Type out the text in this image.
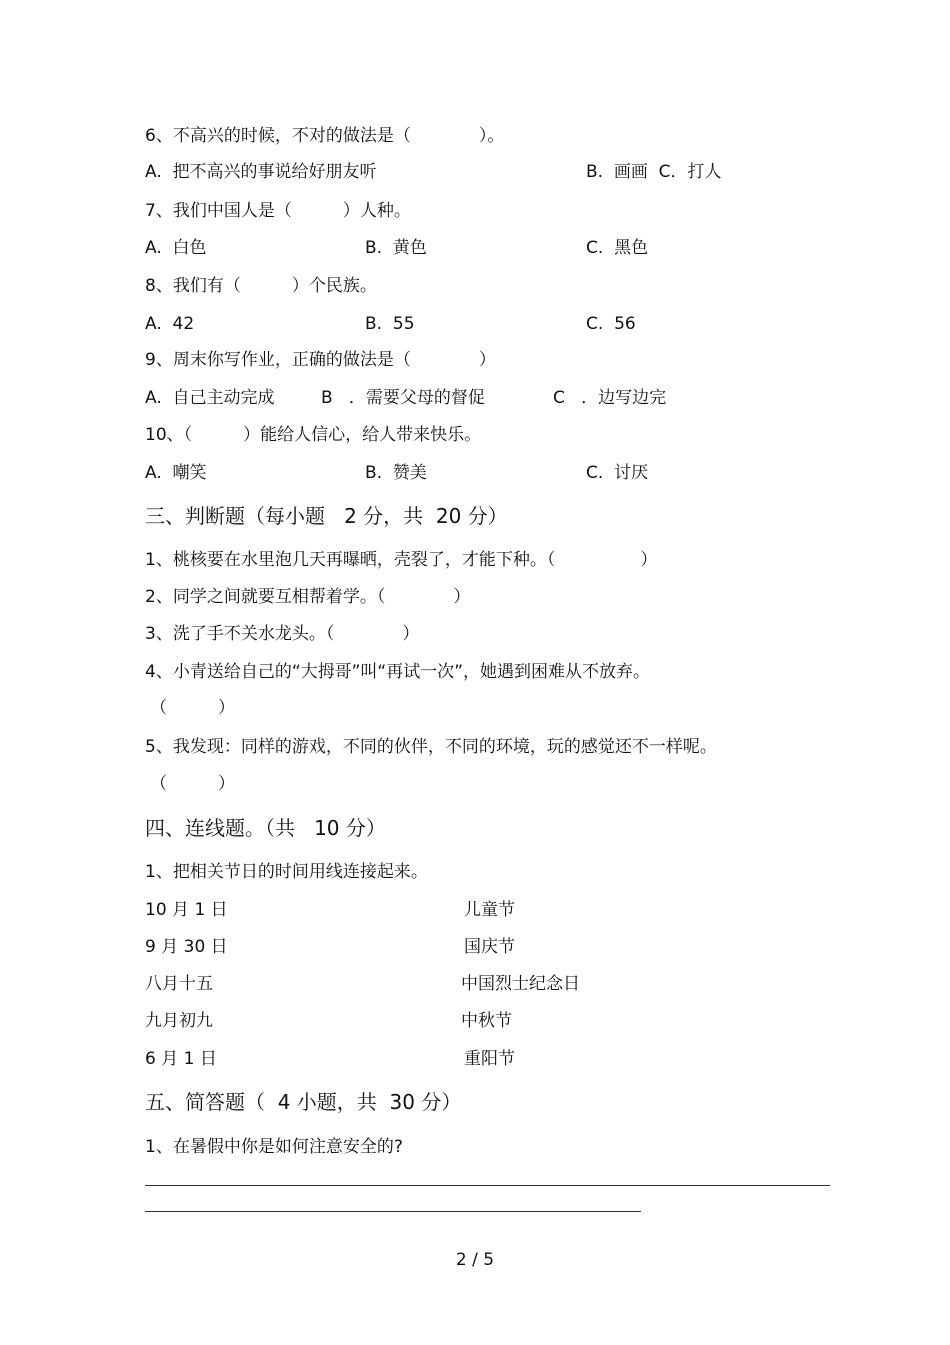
6、不高兴的时候，不对的做法是（　　　　）。
A.  把不高兴的事说给好朋友听	B.  画画  C．打人
7、我们中国人是（　　　）人种。
A.  白色	B.  黄色	C.  黑色
8、我们有（　　　）个民族。
A.  42	B.  55	C.  56
9、周末你写作业，正确的做法是（　　　　）
A.  自己主动完成	B   ．需要父母的督促	C   ．边写边完
10、（　　　）能给人信心，给人带来快乐。
A.  嘲笑	B.  赞美	C.  讨厌
三、判断题（每小题   2 分，共  20 分）
1、桃核要在水里泡几天再曝晒，壳裂了，才能下种。（　　　　　）
2、同学之间就要互相帮着学。（　　　　）
3、洗了手不关水龙头。（　　　　）
4、小青送给自己的“大拇哥”叫“再试一次”，她遇到困难从不放弃。
（　　　）
5、我发现：同样的游戏，不同的伙伴，不同的环境，玩的感觉还不一样呢。
（　　　）
四、连线题。（共   10 分）
1、把相关节日的时间用线连接起来。
10 月 1 日	儿童节
9 月 30 日	国庆节
八月十五	中国烈士纪念日
九月初九	中秋节
6 月 1 日	重阳节
五、简答题（  4 小题，共  30 分）
1、在暑假中你是如何注意安全的?
2 / 5
